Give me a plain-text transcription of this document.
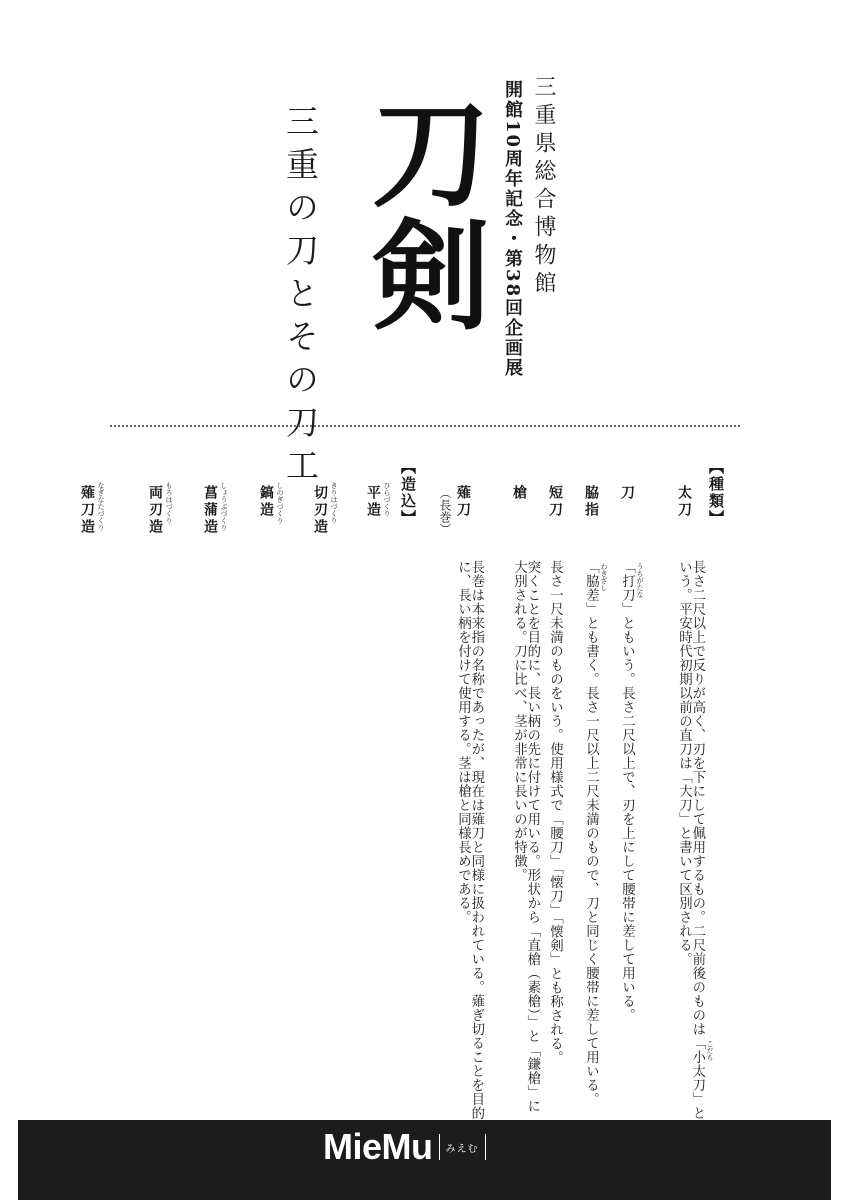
三重県総合博物館
開館10周年記念・第38回企画展
刀剣
三重の刀とその刀工
【種類】
太刀
長さ二尺以上で反りが高く、刃を下にして佩用するもの。二尺前後のものは「小太刀」という。平安時代初期以前の直刀は「大刀」と書いて区別される。
こだち
刀
「打刀」ともいう。長さ二尺以上で、刃を上にして腰帯に差して用いる。 うちがたな
脇指
「脇差」とも書く。長さ一尺以上二尺未満のもので、刀と同じく腰帯に差して用いる。 わきざし
短刀
長さ一尺未満のものをいう。使用様式で「腰刀」「懐刀」「懐剣」とも称される。
槍
突くことを目的に、長い柄の先に付けて用いる。形状から「直槍（素槍）」と「鎌槍」に大別される。刀に比べ、茎が非常に長いのが特徴。
薙刀
（長巻）
長巻は本来指の名称であったが、現在は薙刀と同様に扱われている。薙ぎ切ることを目的に、長い柄を付けて使用する。茎は槍と同様長めである。
【造込】
平造 ひらづくり
切刃造 きりはづくり
鎬造 しのぎづくり
菖蒲造 しょうぶづくり
両刃造 もろはづくり
薙刀造 なぎなたづくり
MieMu みえむ
